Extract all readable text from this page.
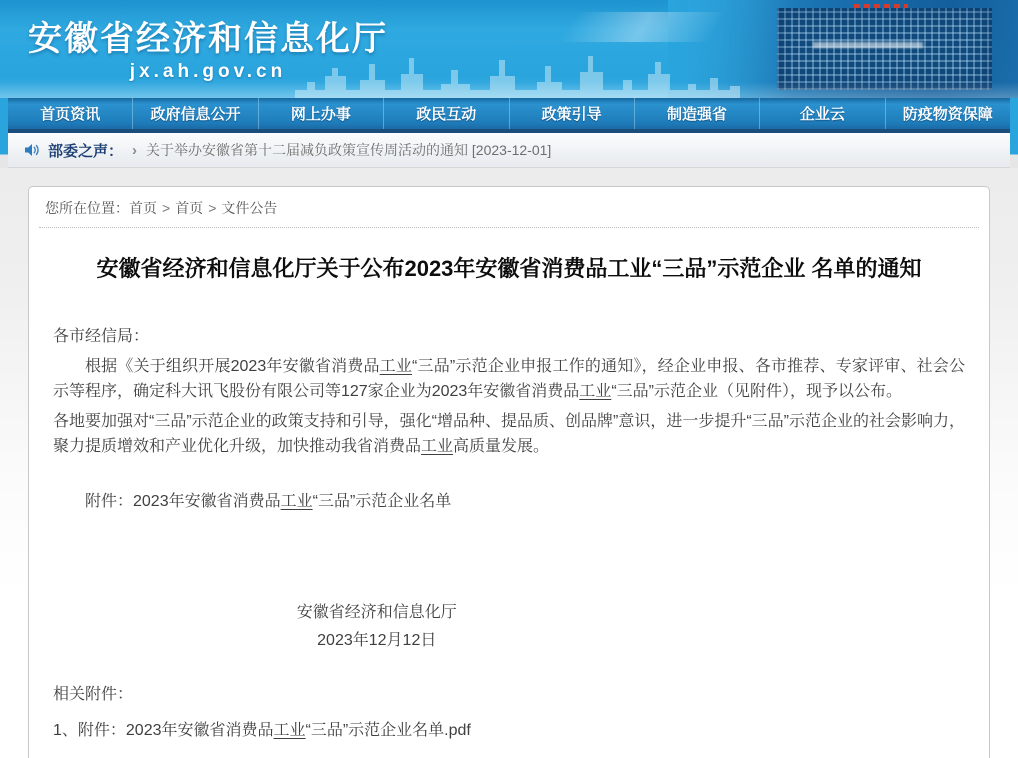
安徽省经济和信息化厅
jx.ah.gov.cn
首页资讯	政府信息公开	网上办事	政民互动	政策引导	制造强省	企业云	防疫物资保障
部委之声： › 关于举办安徽省第十二届减负政策宣传周活动的通知 [2023-12-01]
您所在位置：首页 > 首页 > 文件公告
安徽省经济和信息化厅关于公布2023年安徽省消费品工业“三品”示范企业 名单的通知

各市经信局：

根据《关于组织开展2023年安徽省消费品工业“三品”示范企业申报工作的通知》，经企业申报、各市推荐、专家评审、社会公示等程序，确定科大讯飞股份有限公司等127家企业为2023年安徽省消费品工业“三品”示范企业（见附件），现予以公布。

各地要加强对“三品”示范企业的政策支持和引导，强化“增品种、提品质、创品牌”意识，进一步提升“三品”示范企业的社会影响力，聚力提质增效和产业优化升级，加快推动我省消费品工业高质量发展。

附件：2023年安徽省消费品工业“三品”示范企业名单

安徽省经济和信息化厅
2023年12月12日
相关附件：
1、附件：2023年安徽省消费品工业“三品”示范企业名单.pdf
